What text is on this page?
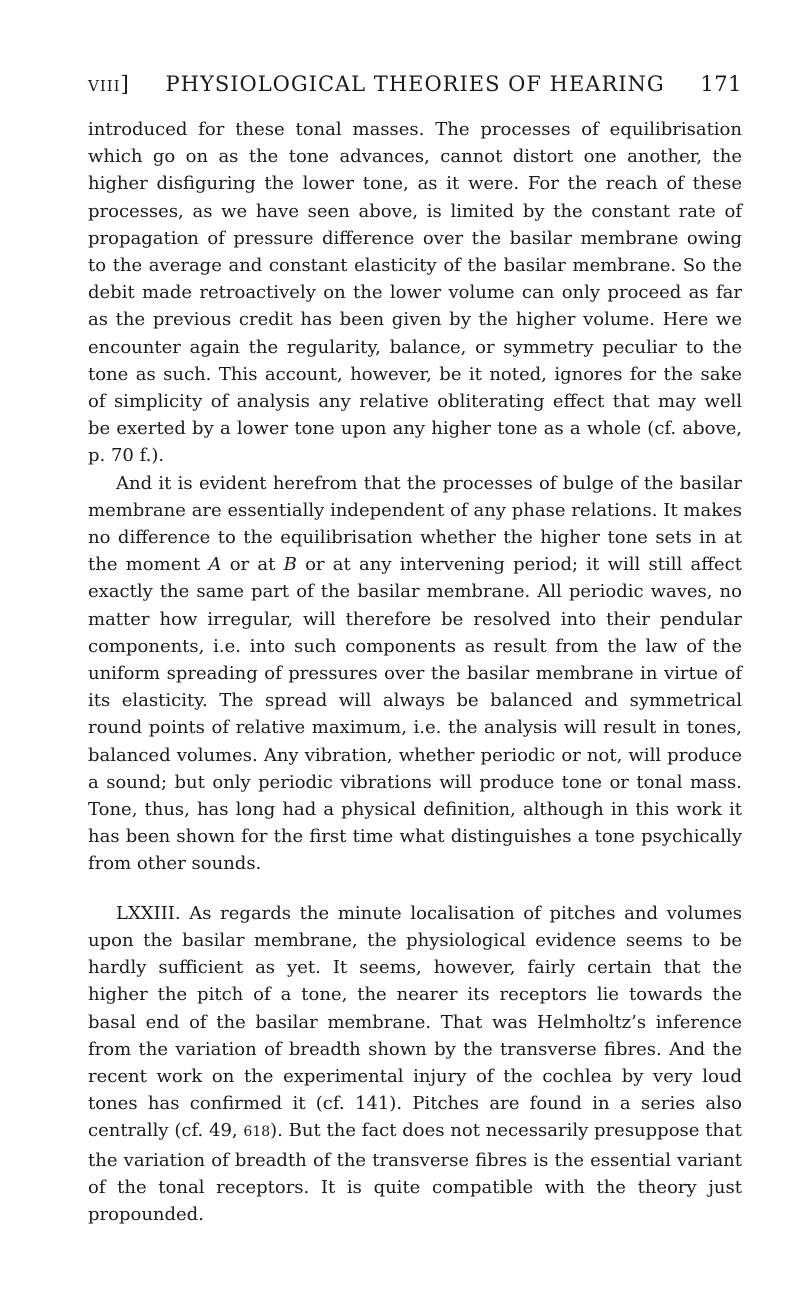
viii] PHYSIOLOGICAL THEORIES OF HEARING 171

introduced for these tonal masses. The processes of equilibrisation which go on as the tone advances, cannot distort one another, the higher disfiguring the lower tone, as it were. For the reach of these processes, as we have seen above, is limited by the constant rate of propagation of pressure difference over the basilar membrane owing to the average and constant elasticity of the basilar membrane. So the debit made retroactively on the lower volume can only proceed as far as the previous credit has been given by the higher volume. Here we encounter again the regularity, balance, or symmetry peculiar to the tone as such. This account, however, be it noted, ignores for the sake of simplicity of analysis any relative obliterating effect that may well be exerted by a lower tone upon any higher tone as a whole (cf. above, p. 70 f.).

And it is evident herefrom that the processes of bulge of the basilar membrane are essentially independent of any phase relations. It makes no difference to the equilibrisation whether the higher tone sets in at the moment A or at B or at any intervening period; it will still affect exactly the same part of the basilar membrane. All periodic waves, no matter how irregular, will therefore be resolved into their pendular components, i.e. into such components as result from the law of the uniform spreading of pressures over the basilar membrane in virtue of its elasticity. The spread will always be balanced and symmetrical round points of relative maximum, i.e. the analysis will result in tones, balanced volumes. Any vibration, whether periodic or not, will produce a sound; but only periodic vibrations will produce tone or tonal mass. Tone, thus, has long had a physical definition, although in this work it has been shown for the first time what distinguishes a tone psychically from other sounds.

LXXIII. As regards the minute localisation of pitches and volumes upon the basilar membrane, the physiological evidence seems to be hardly sufficient as yet. It seems, however, fairly certain that the higher the pitch of a tone, the nearer its receptors lie towards the basal end of the basilar membrane. That was Helmholtz’s inference from the variation of breadth shown by the transverse fibres. And the recent work on the experimental injury of the cochlea by very loud tones has confirmed it (cf. 141). Pitches are found in a series also centrally (cf. 49, 618). But the fact does not necessarily presuppose that the variation of breadth of the transverse fibres is the essential variant of the tonal receptors. It is quite compatible with the theory just propounded.
